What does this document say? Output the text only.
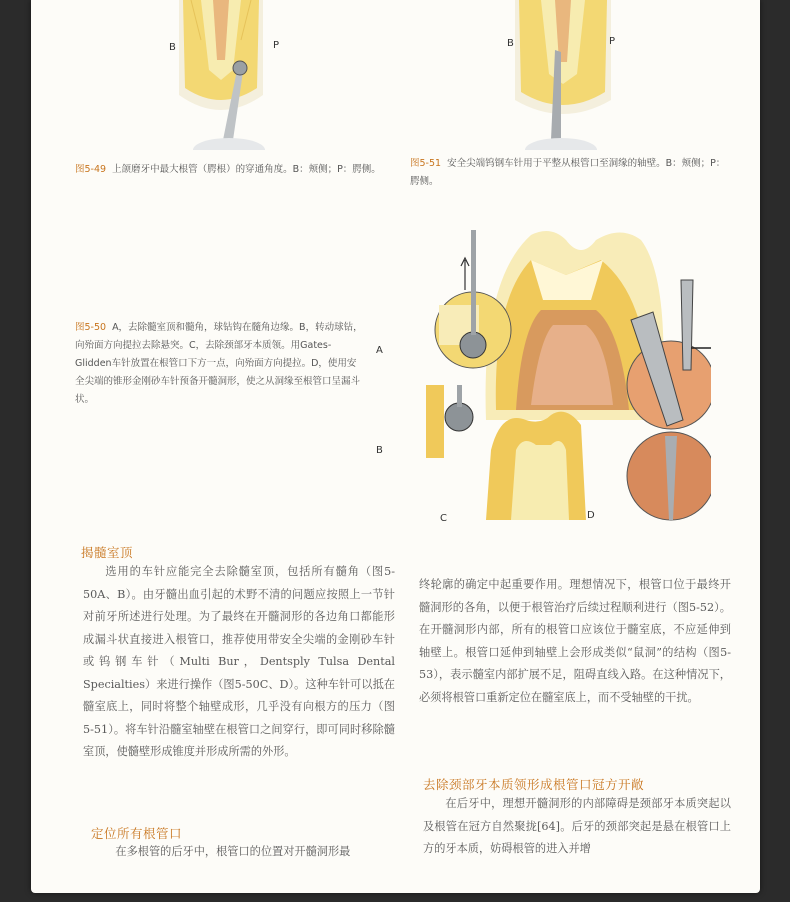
B	P
图5-49 上颌磨牙中最大根管（腭根）的穿通角度。B：颊侧；P：腭侧。
B	P
图5-51 安全尖端钨钢车针用于平整从根管口至洞缘的轴壁。B：颊侧；P：腭侧。
图5-50 A，去除髓室顶和髓角，球钻钩在髓角边缘。B，转动球钻，向殆面方向提拉去除悬突。C，去除颈部牙本质领。用Gates-Glidden车针放置在根管口下方一点，向殆面方向提拉。D，使用安全尖端的锥形金刚砂车针预备开髓洞形，使之从洞缘至根管口呈漏斗状。
A
B
C	D
揭髓室顶

选用的车针应能完全去除髓室顶，包括所有髓角（图5-50A、B）。由牙髓出血引起的术野不清的问题应按照上一节针对前牙所述进行处理。为了最终在开髓洞形的各边角口都能形成漏斗状直接进入根管口，推荐使用带安全尖端的金刚砂车针或钨钢车针（Multi Bur，Dentsply Tulsa Dental Specialties）来进行操作（图5-50C、D）。这种车针可以抵在髓室底上，同时将整个轴壁成形，几乎没有向根方的压力（图5-51）。将车针沿髓室轴壁在根管口之间穿行，即可同时移除髓室顶，使髓壁形成锥度并形成所需的外形。

定位所有根管口

在多根管的后牙中，根管口的位置对开髓洞形最

终轮廓的确定中起重要作用。理想情况下，根管口位于最终开髓洞形的各角，以便于根管治疗后续过程顺利进行（图5-52）。在开髓洞形内部，所有的根管口应该位于髓室底，不应延伸到轴壁上。根管口延伸到轴壁上会形成类似“鼠洞”的结构（图5-53），表示髓室内部扩展不足，阻碍直线入路。在这种情况下，必须将根管口重新定位在髓室底上，而不受轴壁的干扰。

去除颈部牙本质领形成根管口冠方开敞

在后牙中，理想开髓洞形的内部障碍是颈部牙本质突起以及根管在冠方自然聚拢[64]。后牙的颈部突起是悬在根管口上方的牙本质，妨碍根管的进入并增
